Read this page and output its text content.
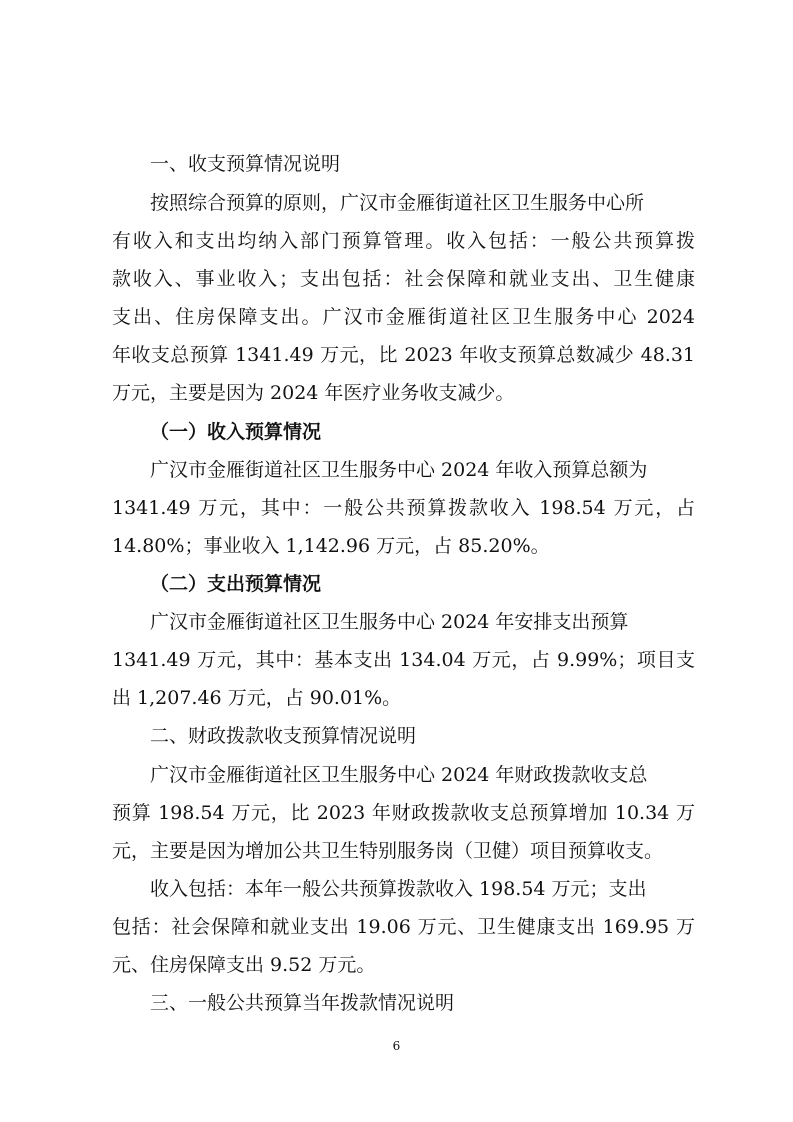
一、收支预算情况说明
按照综合预算的原则，广汉市金雁街道社区卫生服务中心所
有收入和支出均纳入部门预算管理。收入包括：一般公共预算拨
款收入、事业收入；支出包括：社会保障和就业支出、卫生健康
支出、住房保障支出。广汉市金雁街道社区卫生服务中心 2024
年收支总预算 1341.49 万元，比 2023 年收支预算总数减少 48.31
万元，主要是因为 2024 年医疗业务收支减少。
（一）收入预算情况
广汉市金雁街道社区卫生服务中心 2024 年收入预算总额为
1341.49 万元，其中：一般公共预算拨款收入 198.54 万元，占
14.80%；事业收入 1,142.96 万元，占 85.20%。
（二）支出预算情况
广汉市金雁街道社区卫生服务中心 2024 年安排支出预算
1341.49 万元，其中：基本支出 134.04 万元，占 9.99%；项目支
出 1,207.46 万元，占 90.01%。
二、财政拨款收支预算情况说明
广汉市金雁街道社区卫生服务中心 2024 年财政拨款收支总
预算 198.54 万元，比 2023 年财政拨款收支总预算增加 10.34 万
元，主要是因为增加公共卫生特别服务岗（卫健）项目预算收支。
收入包括：本年一般公共预算拨款收入 198.54 万元；支出
包括：社会保障和就业支出 19.06 万元、卫生健康支出 169.95 万
元、住房保障支出 9.52 万元。
三、一般公共预算当年拨款情况说明
6
